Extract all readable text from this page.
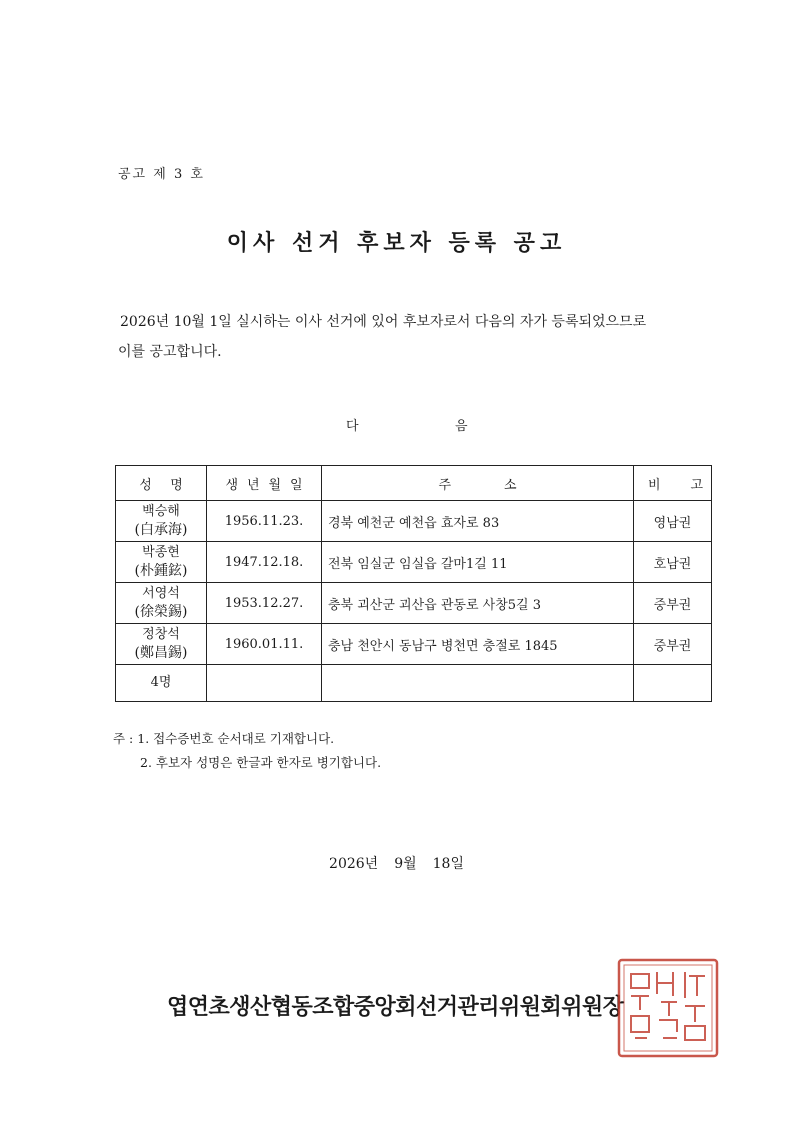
공고 제 3 호
이사 선거 후보자 등록 공고

2026년 10월 1일 실시하는 이사 선거에 있어 후보자로서 다음의 자가 등록되었으므로

이를 공고합니다.

다	음
성 명	생 년 월 일	주 소	비 고

백승해
(白承海)	1956.11.23.	경북 예천군 예천읍 효자로 83	영남권

박종현
(朴鍾鉉)	1947.12.18.	전북 임실군 임실읍 갈마1길 11	호남권

서영석
(徐榮錫)	1953.12.27.	충북 괴산군 괴산읍 관동로 사창5길 3	중부권

정창석
(鄭昌錫)	1960.01.11.	충남 천안시 동남구 병천면 충절로 1845	중부권
4명			
주 : 1. 접수증번호 순서대로 기재합니다.
2. 후보자 성명은 한글과 한자로 병기합니다.
2026년 9월 18일
엽연초생산협동조합중앙회선거관리위원회위원장
